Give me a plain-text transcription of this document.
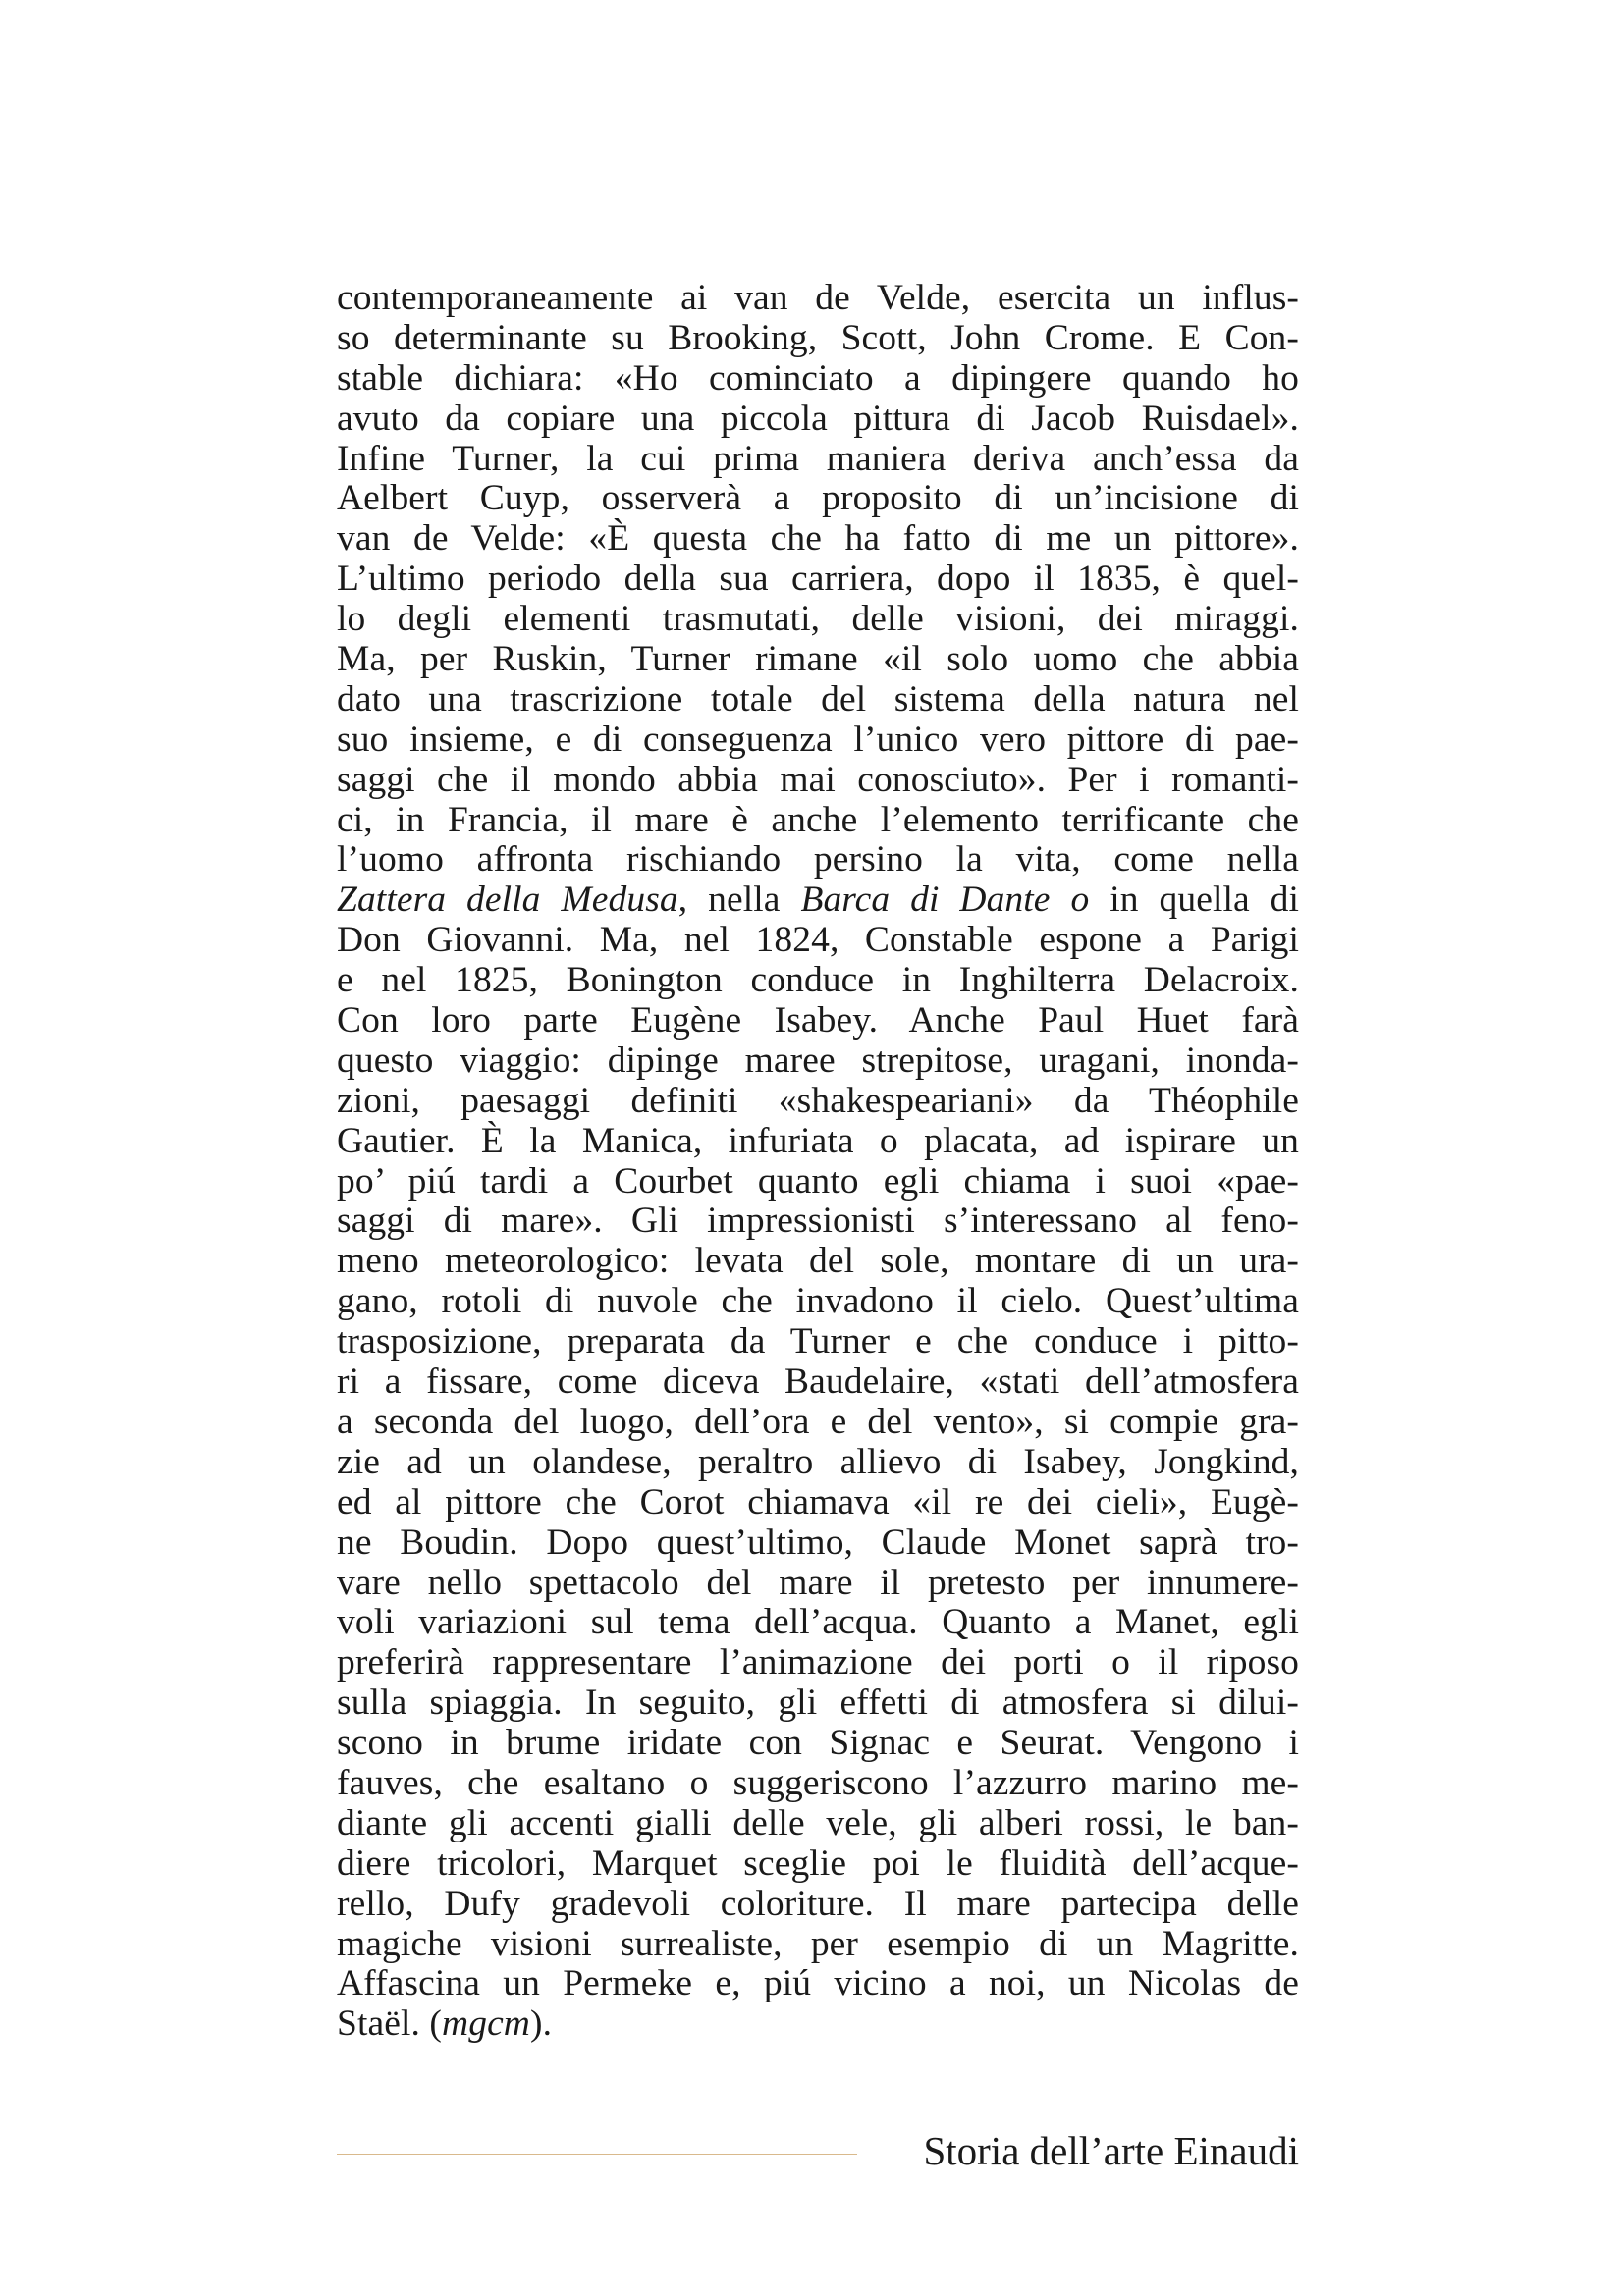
contemporaneamente ai van de Velde, esercita un influs-
so determinante su Brooking, Scott, John Crome. E Con-
stable dichiara: «Ho cominciato a dipingere quando ho
avuto da copiare una piccola pittura di Jacob Ruisdael».
Infine Turner, la cui prima maniera deriva anch’essa da
Aelbert Cuyp, osserverà a proposito di un’incisione di
van de Velde: «È questa che ha fatto di me un pittore».
L’ultimo periodo della sua carriera, dopo il 1835, è quel-
lo degli elementi trasmutati, delle visioni, dei miraggi.
Ma, per Ruskin, Turner rimane «il solo uomo che abbia
dato una trascrizione totale del sistema della natura nel
suo insieme, e di conseguenza l’unico vero pittore di pae-
saggi che il mondo abbia mai conosciuto». Per i romanti-
ci, in Francia, il mare è anche l’elemento terrificante che
l’uomo affronta rischiando persino la vita, come nella
Zattera della Medusa, nella Barca di Dante o in quella di
Don Giovanni. Ma, nel 1824, Constable espone a Parigi
e nel 1825, Bonington conduce in Inghilterra Delacroix.
Con loro parte Eugène Isabey. Anche Paul Huet farà
questo viaggio: dipinge maree strepitose, uragani, inonda-
zioni, paesaggi definiti «shakespeariani» da Théophile
Gautier. È la Manica, infuriata o placata, ad ispirare un
po’ piú tardi a Courbet quanto egli chiama i suoi «pae-
saggi di mare». Gli impressionisti s’interessano al feno-
meno meteorologico: levata del sole, montare di un ura-
gano, rotoli di nuvole che invadono il cielo. Quest’ultima
trasposizione, preparata da Turner e che conduce i pitto-
ri a fissare, come diceva Baudelaire, «stati dell’atmosfera
a seconda del luogo, dell’ora e del vento», si compie gra-
zie ad un olandese, peraltro allievo di Isabey, Jongkind,
ed al pittore che Corot chiamava «il re dei cieli», Eugè-
ne Boudin. Dopo quest’ultimo, Claude Monet saprà tro-
vare nello spettacolo del mare il pretesto per innumere-
voli variazioni sul tema dell’acqua. Quanto a Manet, egli
preferirà rappresentare l’animazione dei porti o il riposo
sulla spiaggia. In seguito, gli effetti di atmosfera si dilui-
scono in brume iridate con Signac e Seurat. Vengono i
fauves, che esaltano o suggeriscono l’azzurro marino me-
diante gli accenti gialli delle vele, gli alberi rossi, le ban-
diere tricolori, Marquet sceglie poi le fluidità dell’acque-
rello, Dufy gradevoli coloriture. Il mare partecipa delle
magiche visioni surrealiste, per esempio di un Magritte.
Affascina un Permeke e, piú vicino a noi, un Nicolas de
Staël. (mgcm).
Storia dell’arte Einaudi
